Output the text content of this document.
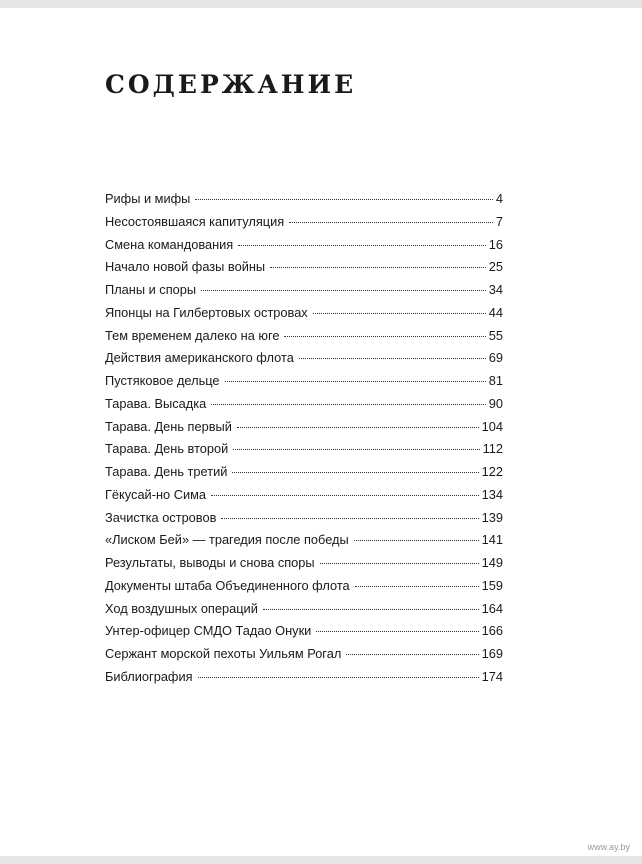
СОДЕРЖАНИЕ
Рифы и мифы	4
Несостоявшаяся капитуляция	7
Смена командования	16
Начало новой фазы войны	25
Планы и споры	34
Японцы на Гилбертовых островах	44
Тем временем далеко на юге	55
Действия американского флота	69
Пустяковое дельце	81
Тарава. Высадка	90
Тарава. День первый	104
Тарава. День второй	112
Тарава. День третий	122
Гёкусай-но Сима	134
Зачистка островов	139
«Лиском Бей» — трагедия после победы	141
Результаты, выводы и снова споры	149
Документы штаба Объединенного флота	159
Ход воздушных операций	164
Унтер-офицер СМДО Тадао Онуки	166
Сержант морской пехоты Уильям Рогал	169
Библиография	174
www.ay.by
